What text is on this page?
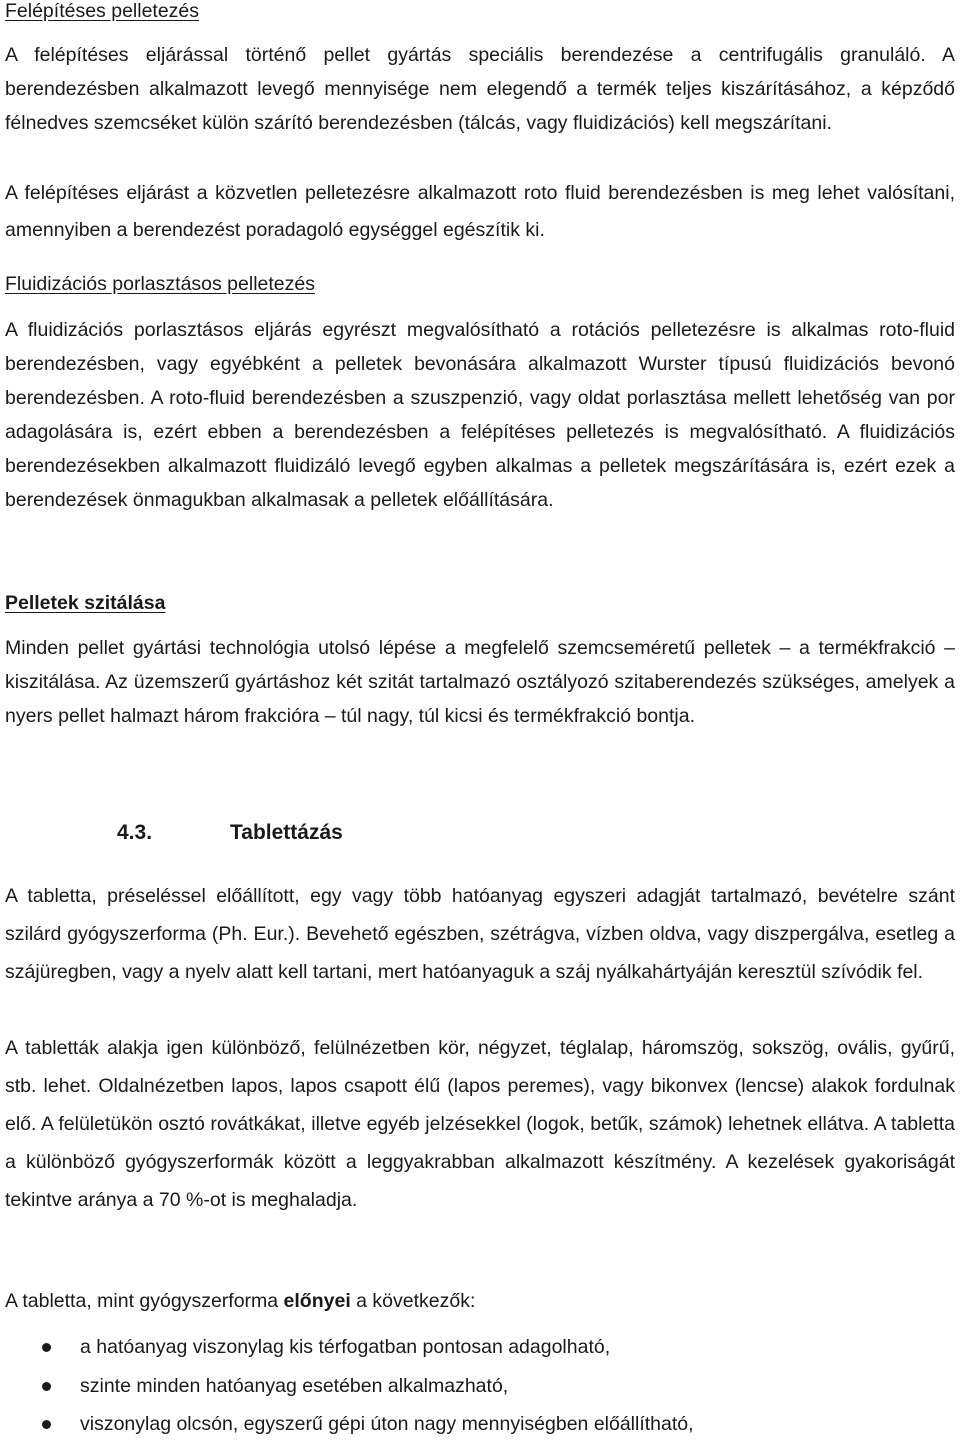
Felépítéses pelletezés

A felépítéses eljárással történő pellet gyártás speciális berendezése a centrifugális granuláló. A berendezésben alkalmazott levegő mennyisége nem elegendő a termék teljes kiszárításához, a képződő félnedves szemcséket külön szárító berendezésben (tálcás, vagy fluidizációs) kell megszárítani.

A felépítéses eljárást a közvetlen pelletezésre alkalmazott roto fluid berendezésben is meg lehet valósítani, amennyiben a berendezést poradagoló egységgel egészítik ki.

Fluidizációs porlasztásos pelletezés

A fluidizációs porlasztásos eljárás egyrészt megvalósítható a rotációs pelletezésre is alkalmas roto-fluid berendezésben, vagy egyébként a pelletek bevonására alkalmazott Wurster típusú fluidizációs bevonó berendezésben. A roto-fluid berendezésben a szuszpenzió, vagy oldat porlasztása mellett lehetőség van por adagolására is, ezért ebben a berendezésben a felépítéses pelletezés is megvalósítható. A fluidizációs berendezésekben alkalmazott fluidizáló levegő egyben alkalmas a pelletek megszárítására is, ezért ezek a berendezések önmagukban alkalmasak a pelletek előállítására.

Pelletek szitálása

Minden pellet gyártási technológia utolsó lépése a megfelelő szemcseméretű pelletek – a termékfrakció – kiszitálása. Az üzemszerű gyártáshoz két szitát tartalmazó osztályozó szitaberendezés szükséges, amelyek a nyers pellet halmazt három frakcióra – túl nagy, túl kicsi és termékfrakció bontja.

4.3.	Tablettázás

A tabletta, préseléssel előállított, egy vagy több hatóanyag egyszeri adagját tartalmazó, bevételre szánt szilárd gyógyszerforma (Ph. Eur.). Bevehető egészben, szétrágva, vízben oldva, vagy diszpergálva, esetleg a szájüregben, vagy a nyelv alatt kell tartani, mert hatóanyaguk a száj nyálkahártyáján keresztül szívódik fel.

A tabletták alakja igen különböző, felülnézetben kör, négyzet, téglalap, háromszög, sokszög, ovális, gyűrű, stb. lehet. Oldalnézetben lapos, lapos csapott élű (lapos peremes), vagy bikonvex (lencse) alakok fordulnak elő. A felületükön osztó rovátkákat, illetve egyéb jelzésekkel (logok, betűk, számok) lehetnek ellátva. A tabletta a különböző gyógyszerformák között a leggyakrabban alkalmazott készítmény. A kezelések gyakoriságát tekintve aránya a 70 %-ot is meghaladja.

A tabletta, mint gyógyszerforma előnyei a következők:

a hatóanyag viszonylag kis térfogatban pontosan adagolható,
szinte minden hatóanyag esetében alkalmazható,
viszonylag olcsón, egyszerű gépi úton nagy mennyiségben előállítható,
